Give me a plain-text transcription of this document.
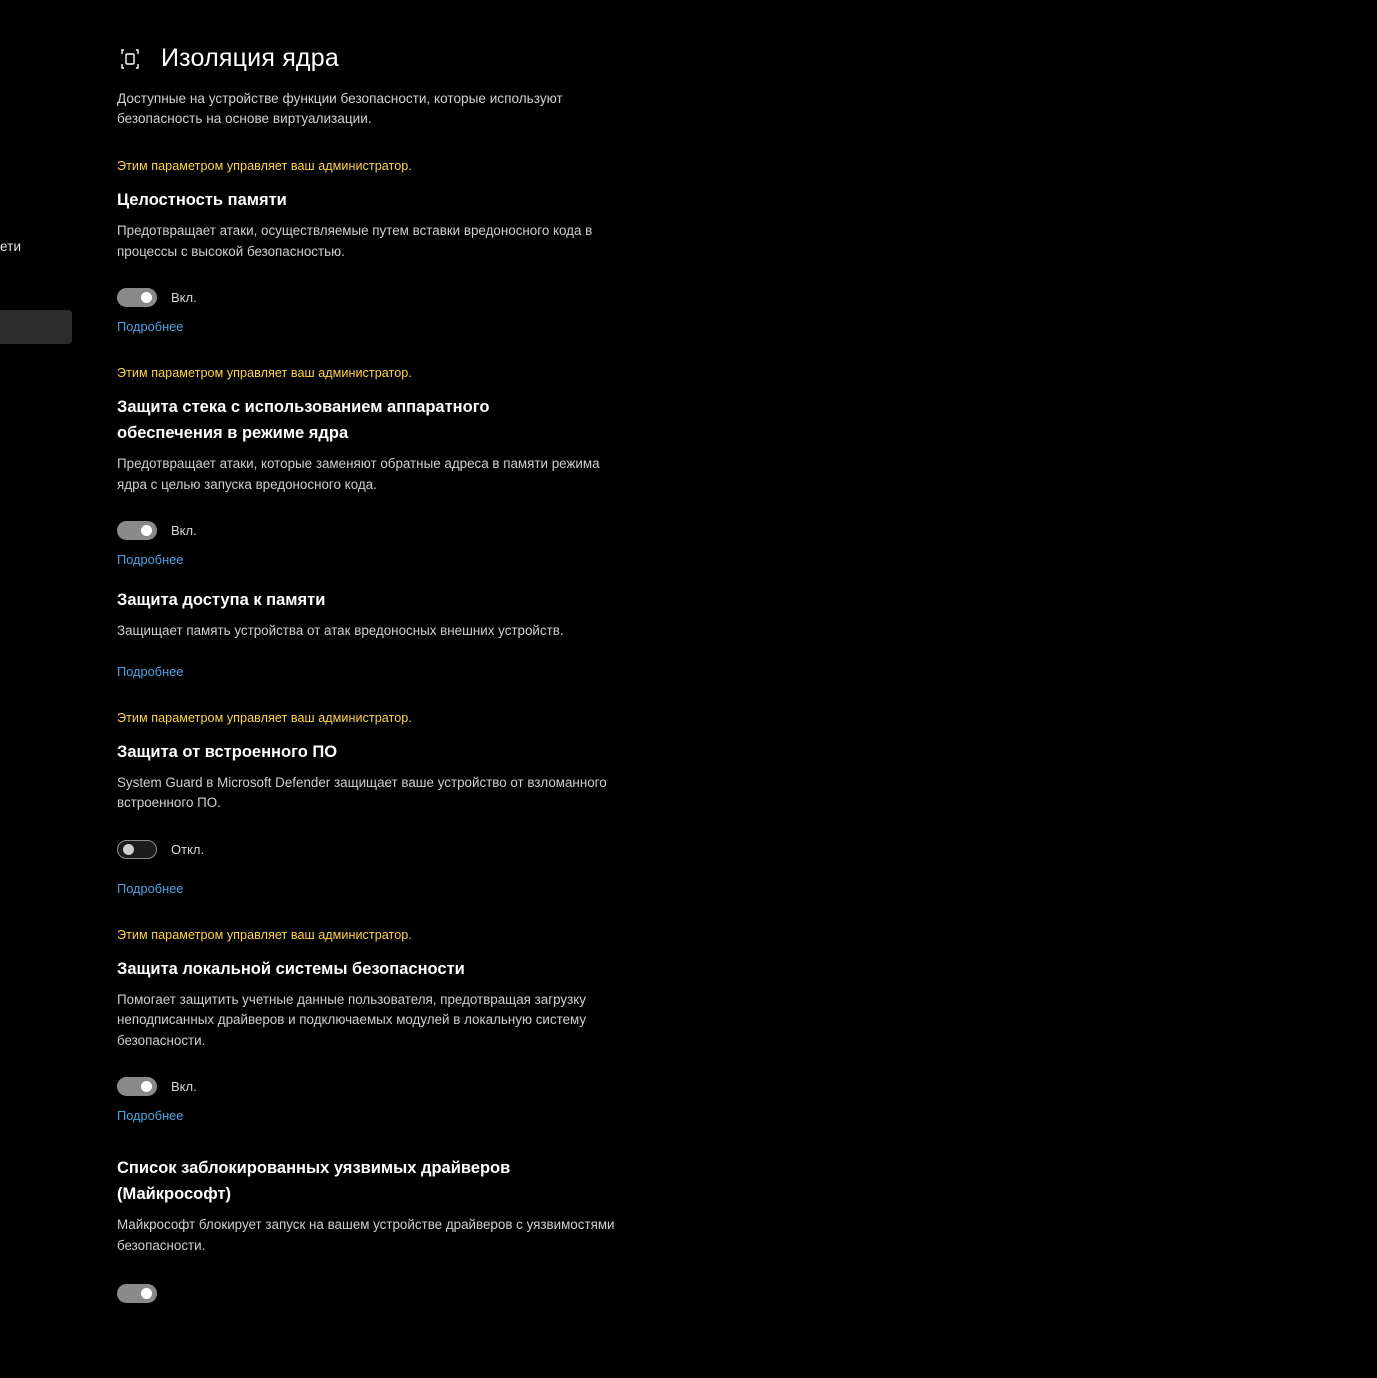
ети
Изоляция ядра
Доступные на устройстве функции безопасности, которые используют безопасность на основе виртуализации.
Этим параметром управляет ваш администратор.
Целостность памяти
Предотвращает атаки, осуществляемые путем вставки вредоносного кода в процессы с высокой безопасностью.
Вкл.
Подробнее
Этим параметром управляет ваш администратор.
Защита стека с использованием аппаратного обеспечения в режиме ядра
Предотвращает атаки, которые заменяют обратные адреса в памяти режима ядра с целью запуска вредоносного кода.
Вкл.
Подробнее
Защита доступа к памяти
Защищает память устройства от атак вредоносных внешних устройств.
Подробнее
Этим параметром управляет ваш администратор.
Защита от встроенного ПО
System Guard в Microsoft Defender защищает ваше устройство от взломанного встроенного ПО.
Откл.
Подробнее
Этим параметром управляет ваш администратор.
Защита локальной системы безопасности
Помогает защитить учетные данные пользователя, предотвращая загрузку неподписанных драйверов и подключаемых модулей в локальную систему безопасности.
Вкл.
Подробнее
Список заблокированных уязвимых драйверов (Майкрософт)
Майкрософт блокирует запуск на вашем устройстве драйверов с уязвимостями безопасности.
